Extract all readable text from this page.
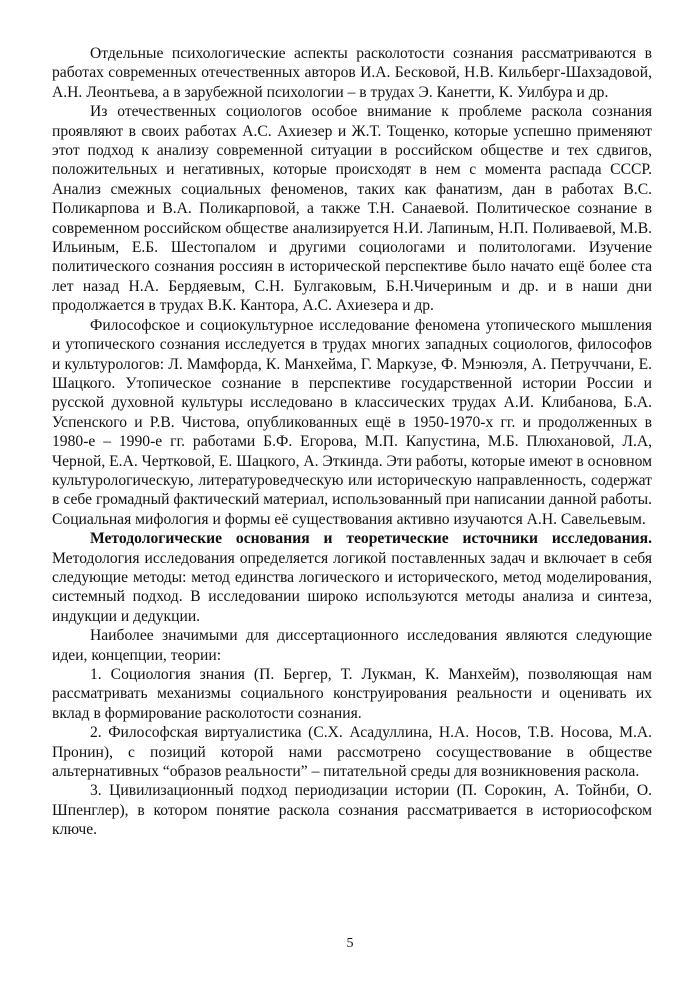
Отдельные психологические аспекты расколотости сознания рассматриваются в работах современных отечественных авторов И.А. Бесковой, Н.В. Кильберг-Шахзадовой, А.Н. Леонтьева, а в зарубежной психологии – в трудах Э. Канетти, К. Уилбура и др.

Из отечественных социологов особое внимание к проблеме раскола сознания проявляют в своих работах А.С. Ахиезер и Ж.Т. Тощенко, которые успешно применяют этот подход к анализу современной ситуации в российском обществе и тех сдвигов, положительных и негативных, которые происходят в нем с момента распада СССР. Анализ смежных социальных феноменов, таких как фанатизм, дан в работах В.С. Поликарпова и В.А. Поликарповой, а также Т.Н. Санаевой. Политическое сознание в современном российском обществе анализируется Н.И. Лапиным, Н.П. Поливаевой, М.В. Ильиным, Е.Б. Шестопалом и другими социологами и политологами. Изучение политического сознания россиян в исторической перспективе было начато ещё более ста лет назад Н.А. Бердяевым, С.Н. Булгаковым, Б.Н.Чичериным и др. и в наши дни продолжается в трудах В.К. Кантора, А.С. Ахиезера и др.

Философское и социокультурное исследование феномена утопического мышления и утопического сознания исследуется в трудах многих западных социологов, философов и культурологов: Л. Мамфорда, К. Манхейма, Г. Маркузе, Ф. Мэнюэля, А. Петруччани, Е. Шацкого. Утопическое сознание в перспективе государственной истории России и русской духовной культуры исследовано в классических трудах А.И. Клибанова, Б.А. Успенского и Р.В. Чистова, опубликованных ещё в 1950-1970-х гг. и продолженных в 1980-е – 1990-е гг. работами Б.Ф. Егорова, М.П. Капустина, М.Б. Плюхановой, Л.А, Черной, Е.А. Чертковой, Е. Шацкого, А. Эткинда. Эти работы, которые имеют в основном культурологическую, литературоведческую или историческую направленность, содержат в себе громадный фактический материал, использованный при написании данной работы. Социальная мифология и формы её существования активно изучаются А.Н. Савельевым.

Методологические основания и теоретические источники исследования. Методология исследования определяется логикой поставленных задач и включает в себя следующие методы: метод единства логического и исторического, метод моделирования, системный подход. В исследовании широко используются методы анализа и синтеза, индукции и дедукции.

Наиболее значимыми для диссертационного исследования являются следующие идеи, концепции, теории:

1. Социология знания (П. Бергер, Т. Лукман, К. Манхейм), позволяющая нам рассматривать механизмы социального конструирования реальности и оценивать их вклад в формирование расколотости сознания.

2. Философская виртуалистика (С.Х. Асадуллина, Н.А. Носов, Т.В. Носова, М.А. Пронин), с позиций которой нами рассмотрено сосуществование в обществе альтернативных “образов реальности” – питательной среды для возникновения раскола.

3. Цивилизационный подход периодизации истории (П. Сорокин, А. Тойнби, О. Шпенглер), в котором понятие раскола сознания рассматривается в историософском ключе.

5
